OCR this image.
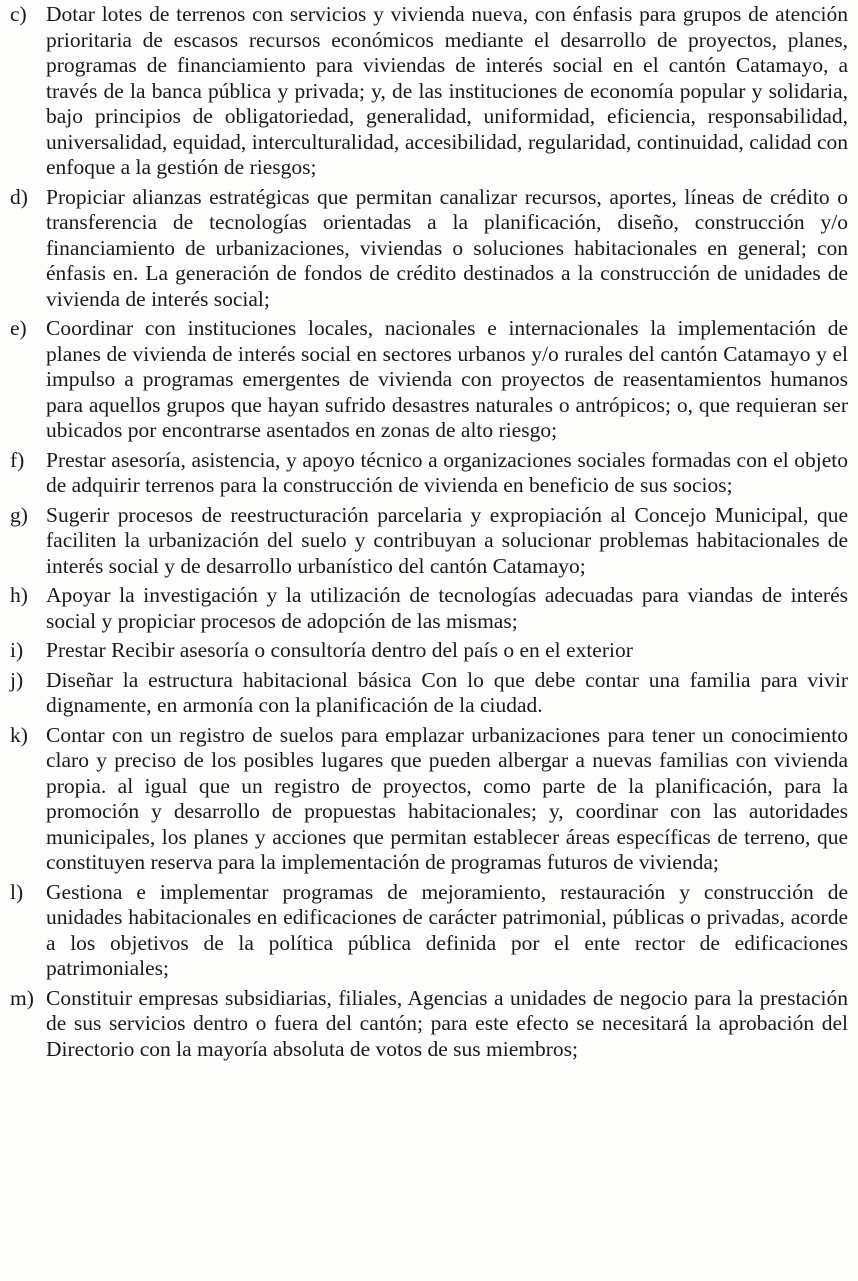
c) Dotar lotes de terrenos con servicios y vivienda nueva, con énfasis para grupos de atención prioritaria de escasos recursos económicos mediante el desarrollo de proyectos, planes, programas de financiamiento para viviendas de interés social en el cantón Catamayo, a través de la banca pública y privada; y, de las instituciones de economía popular y solidaria, bajo principios de obligatoriedad, generalidad, uniformidad, eficiencia, responsabilidad, universalidad, equidad, interculturalidad, accesibilidad, regularidad, continuidad, calidad con enfoque a la gestión de riesgos;
d) Propiciar alianzas estratégicas que permitan canalizar recursos, aportes, líneas de crédito o transferencia de tecnologías orientadas a la planificación, diseño, construcción y/o financiamiento de urbanizaciones, viviendas o soluciones habitacionales en general; con énfasis en. La generación de fondos de crédito destinados a la construcción de unidades de vivienda de interés social;
e) Coordinar con instituciones locales, nacionales e internacionales la implementación de planes de vivienda de interés social en sectores urbanos y/o rurales del cantón Catamayo y el impulso a programas emergentes de vivienda con proyectos de reasentamientos humanos para aquellos grupos que hayan sufrido desastres naturales o antrópicos; o, que requieran ser ubicados por encontrarse asentados en zonas de alto riesgo;
f)	Prestar asesoría, asistencia, y apoyo técnico a organizaciones sociales formadas con el objeto de adquirir terrenos para la construcción de vivienda en beneficio de sus socios;
g) Sugerir procesos de reestructuración parcelaria y expropiación al Concejo Municipal, que faciliten la urbanización del suelo y contribuyan a solucionar problemas habitacionales de interés social y de desarrollo urbanístico del cantón Catamayo;
h) Apoyar la investigación y la utilización de tecnologías adecuadas para viandas de interés social y propiciar procesos de adopción de las mismas;
i)	Prestar Recibir asesoría o consultoría dentro del país o en el exterior
j)	Diseñar la estructura habitacional básica Con lo que debe contar una familia para vivir dignamente, en armonía con la planificación de la ciudad.
k) Contar con un registro de suelos para emplazar urbanizaciones para tener un conocimiento claro y preciso de los posibles lugares que pueden albergar a nuevas familias con vivienda propia. al igual que un registro de proyectos, como parte de la planificación, para la promoción y desarrollo de propuestas habitacionales; y, coordinar con las autoridades municipales, los planes y acciones que permitan establecer áreas específicas de terreno, que constituyen reserva para la implementación de programas futuros de vivienda;
l)	Gestiona e implementar programas de mejoramiento, restauración y construcción de unidades habitacionales en edificaciones de carácter patrimonial, públicas o privadas, acorde a los objetivos de la política pública definida por el ente rector de edificaciones patrimoniales;
m) Constituir empresas subsidiarias, filiales, Agencias a unidades de negocio para la prestación de sus servicios dentro o fuera del cantón; para este efecto se necesitará la aprobación del Directorio con la mayoría absoluta de votos de sus miembros;
